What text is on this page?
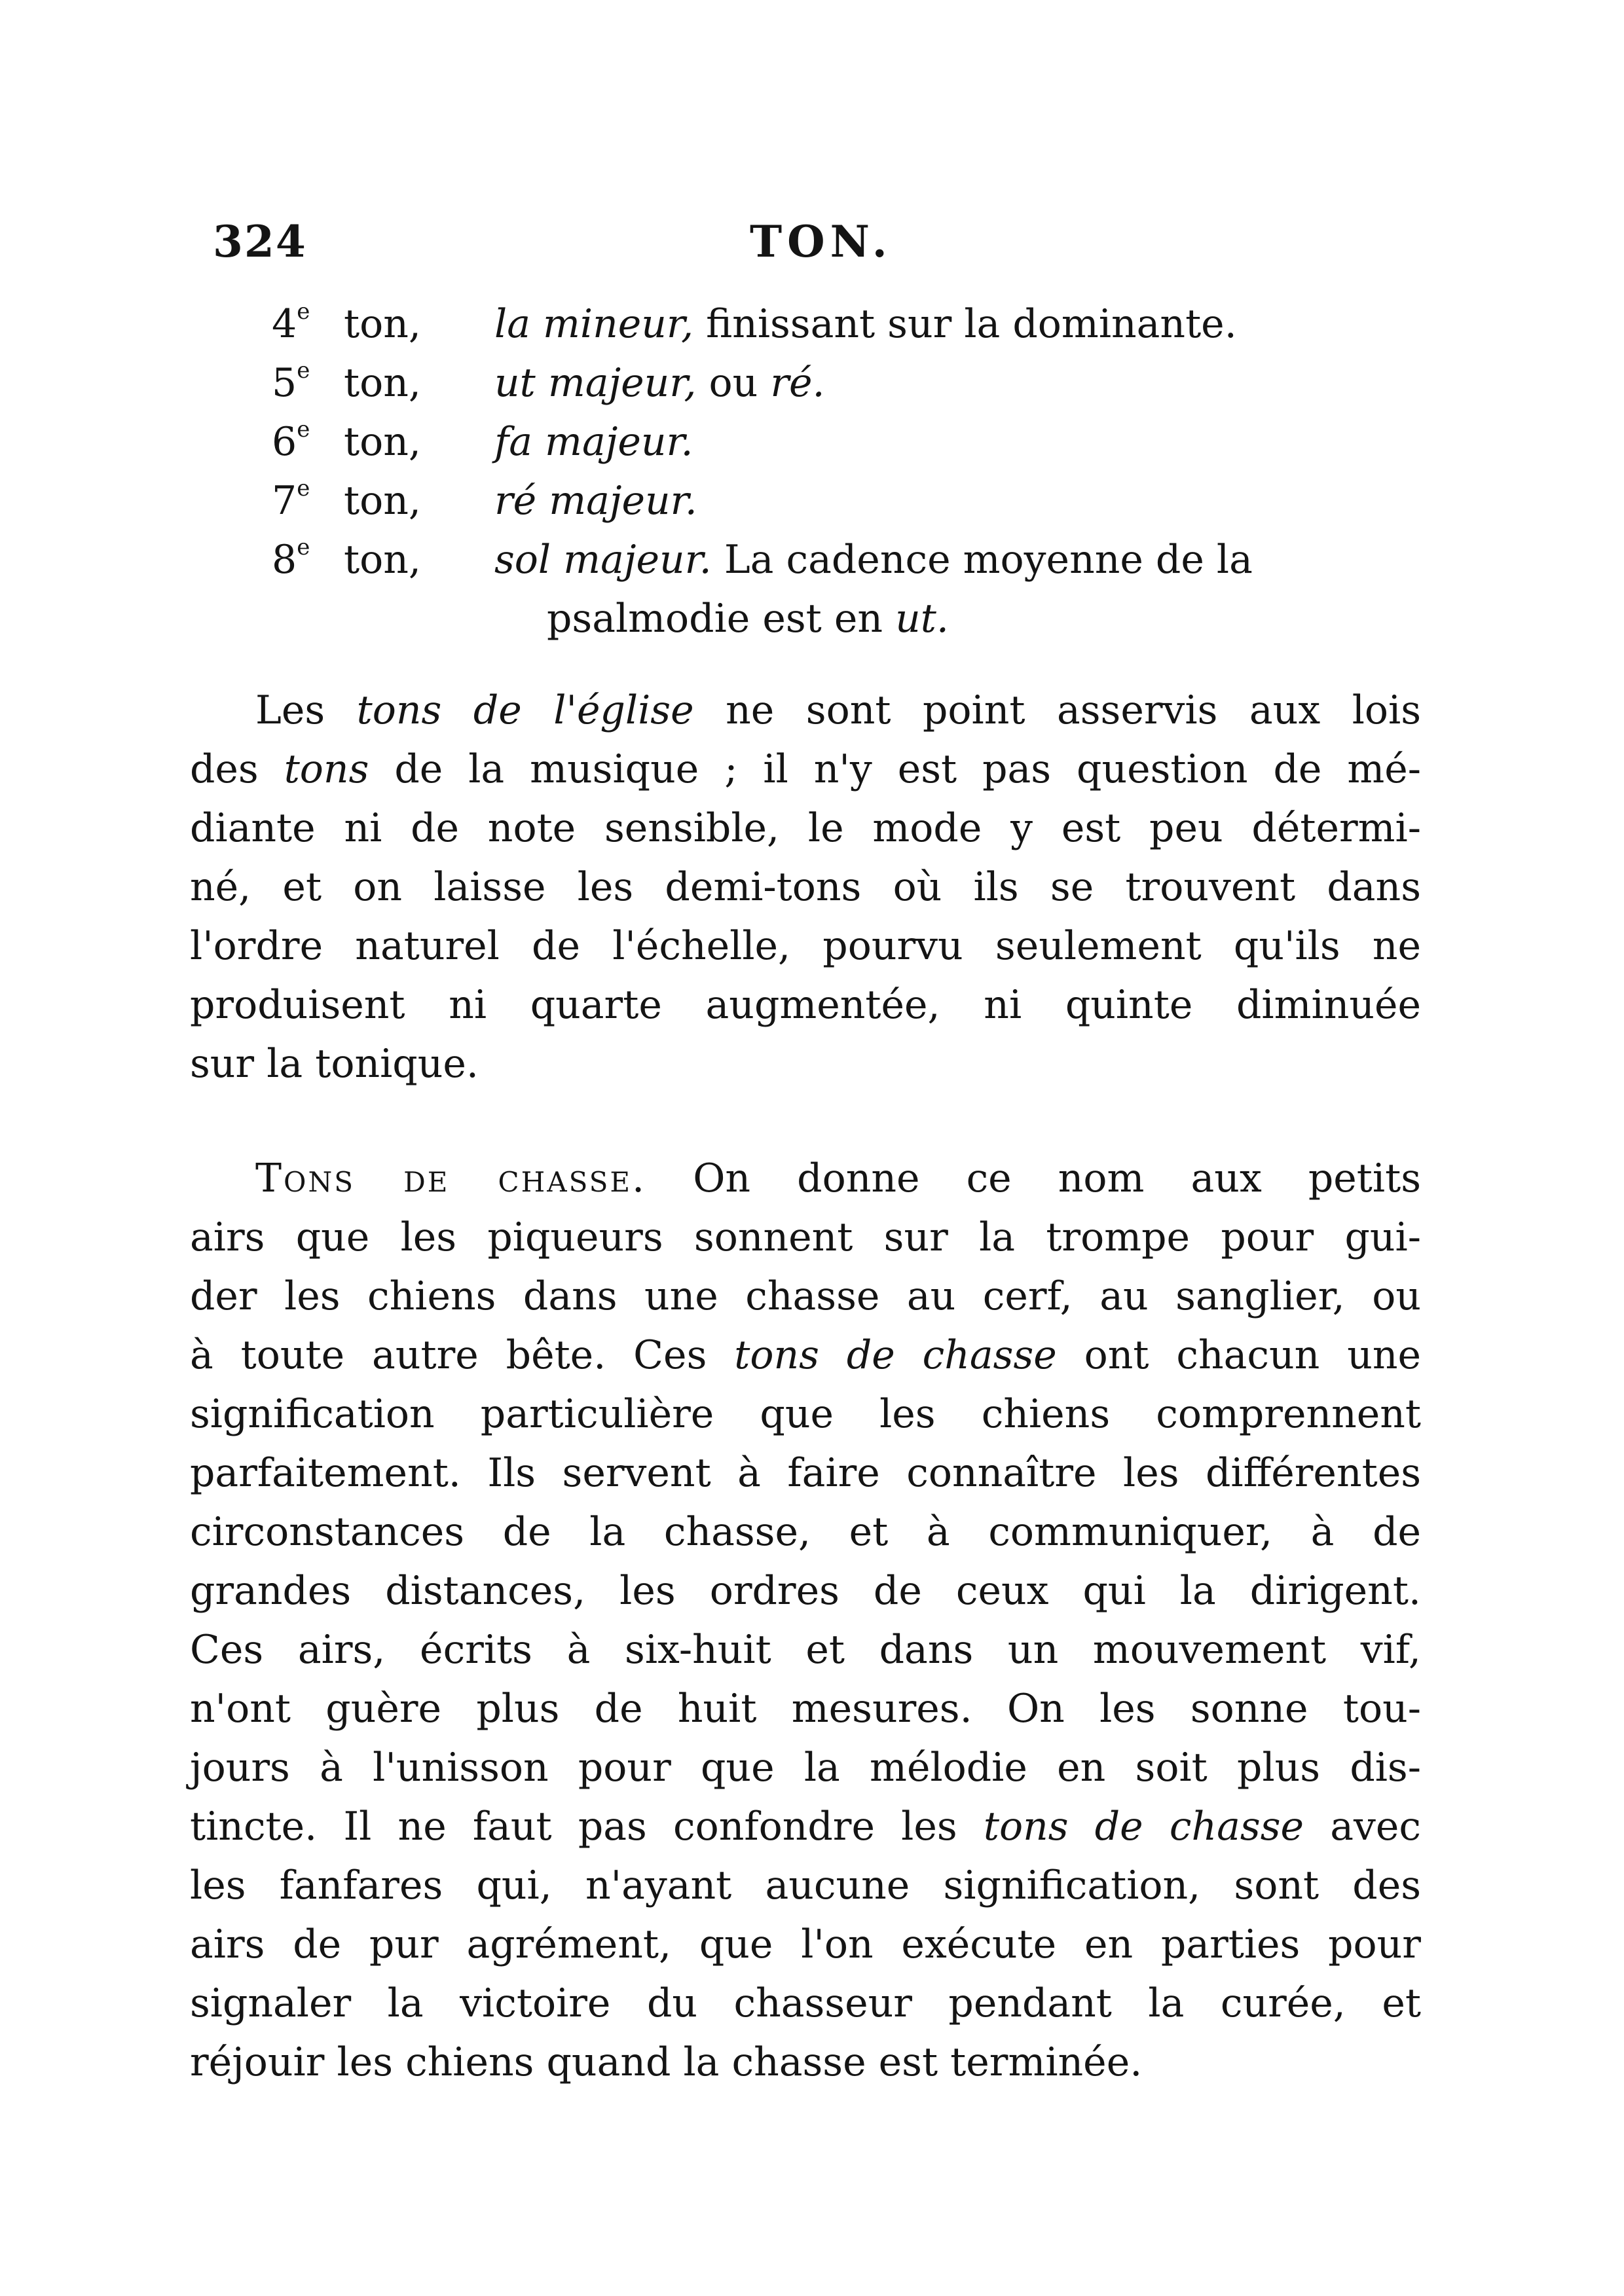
324	TON.
4e ton, la mineur, finissant sur la dominante.
5e ton, ut majeur, ou ré.
6e ton, fa majeur.
7e ton, ré majeur.
8e ton, sol majeur. La cadence moyenne de la
psalmodie est en ut.
Les tons de l'église ne sont point asservis aux lois
des tons de la musique ; il n'y est pas question de mé-
diante ni de note sensible, le mode y est peu détermi-
né, et on laisse les demi-tons où ils se trouvent dans
l'ordre naturel de l'échelle, pourvu seulement qu'ils ne
produisent ni quarte augmentée, ni quinte diminuée
sur la tonique.
Tons de chasse. On donne ce nom aux petits
airs que les piqueurs sonnent sur la trompe pour gui-
der les chiens dans une chasse au cerf, au sanglier, ou
à toute autre bête. Ces tons de chasse ont chacun une
signification particulière que les chiens comprennent
parfaitement. Ils servent à faire connaître les différentes
circonstances de la chasse, et à communiquer, à de
grandes distances, les ordres de ceux qui la dirigent.
Ces airs, écrits à six-huit et dans un mouvement vif,
n'ont guère plus de huit mesures. On les sonne tou-
jours à l'unisson pour que la mélodie en soit plus dis-
tincte. Il ne faut pas confondre les tons de chasse avec
les fanfares qui, n'ayant aucune signification, sont des
airs de pur agrément, que l'on exécute en parties pour
signaler la victoire du chasseur pendant la curée, et
réjouir les chiens quand la chasse est terminée.
